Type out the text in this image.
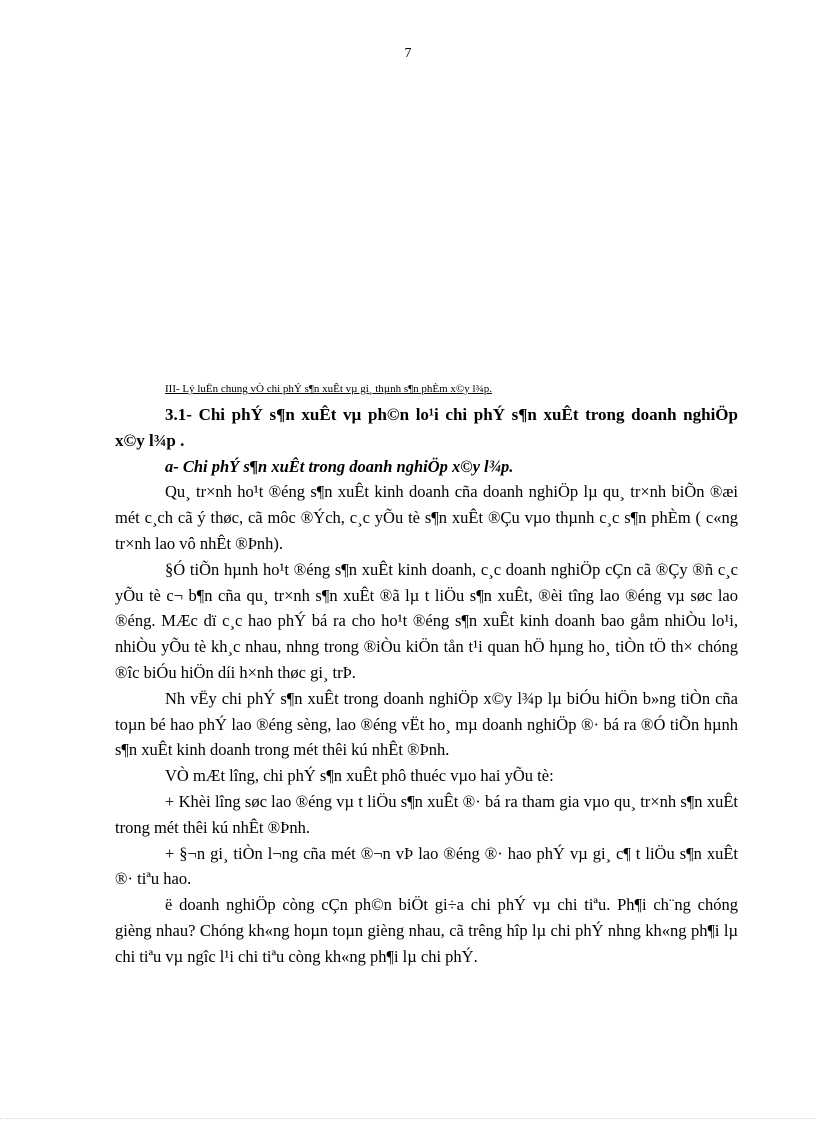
7
III- Lý luËn chung vÒ chi phÝ s¶n xuÊt vµ gi¸ thµnh s¶n phÈm x©y l¾p.

3.1- Chi phÝ s¶n xuÊt vµ ph©n lo¹i chi phÝ s¶n xuÊt trong doanh nghiÖp x©y l¾p .

a- Chi phÝ s¶n xuÊt trong doanh nghiÖp x©y l¾p.

Qu¸ tr×nh ho¹t ®éng s¶n xuÊt kinh doanh cña doanh nghiÖp lµ qu¸ tr×nh biÕn ®æi mét c¸ch cã ý thøc, cã môc ®Ých, c¸c yÕu tè s¶n xuÊt ®Çu vµo thµnh c¸c s¶n phÈm ( c«ng tr×nh lao vô nhÊt ®Þnh).

§Ó tiÕn hµnh ho¹t ®éng s¶n xuÊt kinh doanh, c¸c doanh nghiÖp cÇn cã ®Çy ®ñ c¸c yÕu tè c¬ b¶n cña qu¸ tr×nh s¶n xuÊt ®ã lµ t liÖu s¶n xuÊt, ®èi tîng lao ®éng vµ søc lao ®éng. MÆc dï c¸c hao phÝ bá ra cho ho¹t ®éng s¶n xuÊt kinh doanh bao gåm nhiÒu lo¹i, nhiÒu yÕu tè kh¸c nhau, nhng trong ®iÒu kiÖn tån t¹i quan hÖ hµng ho¸ tiÒn tÖ th× chóng ®îc biÓu hiÖn díi h×nh thøc gi¸ trÞ.

Nh vËy chi phÝ s¶n xuÊt trong doanh nghiÖp x©y l¾p lµ biÓu hiÖn b»ng tiÒn cña toµn bé hao phÝ lao ®éng sèng, lao ®éng vËt ho¸ mµ doanh nghiÖp ®· bá ra ®Ó tiÕn hµnh s¶n xuÊt kinh doanh trong mét thêi kú nhÊt ®Þnh.

VÒ mÆt lîng, chi phÝ s¶n xuÊt phô thuéc vµo hai yÕu tè:

+ Khèi lîng søc lao ®éng vµ t liÖu s¶n xuÊt ®· bá ra tham gia vµo qu¸ tr×nh s¶n xuÊt trong mét thêi kú nhÊt ®Þnh.

+ §¬n gi¸ tiÒn l¬ng cña mét ®¬n vÞ lao ®éng ®· hao phÝ vµ gi¸ c¶ t liÖu s¶n xuÊt ®· tiªu hao.

ë doanh nghiÖp còng cÇn ph©n biÖt gi÷a chi phÝ vµ chi tiªu. Ph¶i ch¨ng chóng gièng nhau? Chóng kh«ng hoµn toµn gièng nhau, cã trêng hîp lµ chi phÝ nhng kh«ng ph¶i lµ chi tiªu vµ ngîc l¹i chi tiªu còng kh«ng ph¶i lµ chi phÝ.
